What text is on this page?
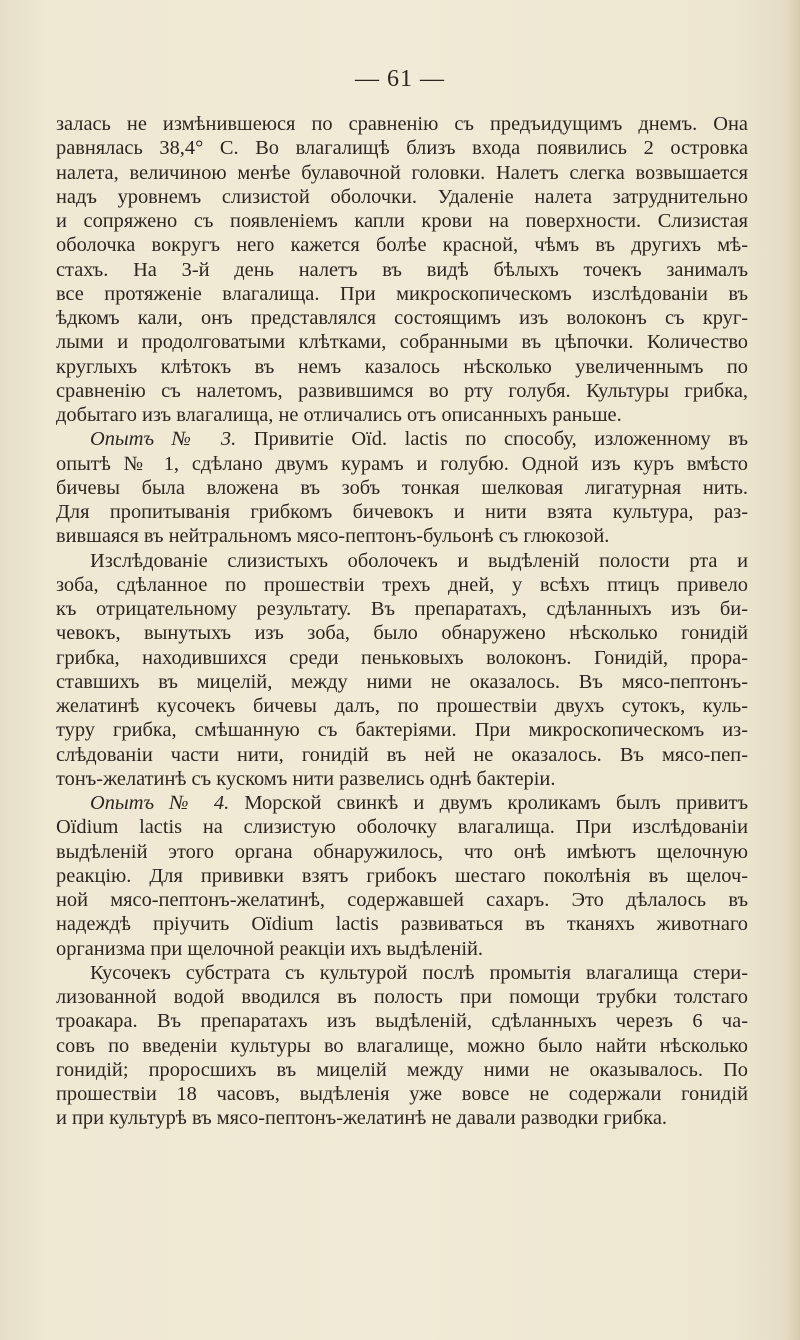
— 61 —
залась не измѣнившеюся по сравненію съ предъидущимъ днемъ. Она
равнялась 38,4° С. Во влагалищѣ близъ входа появились 2 островка
налета, величиною менѣе булавочной головки. Налетъ слегка возвышается
надъ уровнемъ слизистой оболочки. Удаленіе налета затруднительно
и сопряжено съ появленіемъ капли крови на поверхности. Слизистая
оболочка вокругъ него кажется болѣе красной, чѣмъ въ другихъ мѣ-
стахъ. На 3-й день налетъ въ видѣ бѣлыхъ точекъ занималъ
все протяженіе влагалища. При микроскопическомъ изслѣдованіи въ
ѣдкомъ кали, онъ представлялся состоящимъ изъ волоконъ съ круг-
лыми и продолговатыми клѣтками, собранными въ цѣпочки. Количество
круглыхъ клѣтокъ въ немъ казалось нѣсколько увеличеннымъ по
сравненію съ налетомъ, развившимся во рту голубя. Культуры грибка,
добытаго изъ влагалища, не отличались отъ описанныхъ раньше.
Опытъ № 3. Привитіе Oïd. lactis по способу, изложенному въ
опытѣ № 1, сдѣлано двумъ курамъ и голубю. Одной изъ куръ вмѣсто
бичевы была вложена въ зобъ тонкая шелковая лигатурная нить.
Для пропитыванія грибкомъ бичевокъ и нити взята культура, раз-
вившаяся въ нейтральномъ мясо-пептонъ-бульонѣ съ глюкозой.
Изслѣдованіе слизистыхъ оболочекъ и выдѣленій полости рта и
зоба, сдѣланное по прошествіи трехъ дней, у всѣхъ птицъ привело
къ отрицательному результату. Въ препаратахъ, сдѣланныхъ изъ би-
чевокъ, вынутыхъ изъ зоба, было обнаружено нѣсколько гонидій
грибка, находившихся среди пеньковыхъ волоконъ. Гонидій, прора-
ставшихъ въ мицелій, между ними не оказалось. Въ мясо-пептонъ-
желатинѣ кусочекъ бичевы далъ, по прошествіи двухъ сутокъ, куль-
туру грибка, смѣшанную съ бактеріями. При микроскопическомъ из-
слѣдованіи части нити, гонидій въ ней не оказалось. Въ мясо-пеп-
тонъ-желатинѣ съ кускомъ нити развелись однѣ бактеріи.
Опытъ № 4. Морской свинкѣ и двумъ кроликамъ былъ привитъ
Oïdium lactis на слизистую оболочку влагалища. При изслѣдованіи
выдѣленій этого органа обнаружилось, что онѣ имѣютъ щелочную
реакцію. Для прививки взятъ грибокъ шестаго поколѣнія въ щелоч-
ной мясо-пептонъ-желатинѣ, содержавшей сахаръ. Это дѣлалось въ
надеждѣ пріучить Oïdium lactis развиваться въ тканяхъ животнаго
организма при щелочной реакціи ихъ выдѣленій.
Кусочекъ субстрата съ культурой послѣ промытія влагалища стери-
лизованной водой вводился въ полость при помощи трубки толстаго
троакара. Въ препаратахъ изъ выдѣленій, сдѣланныхъ черезъ 6 ча-
совъ по введеніи культуры во влагалище, можно было найти нѣсколько
гонидій; проросшихъ въ мицелій между ними не оказывалось. По
прошествіи 18 часовъ, выдѣленія уже вовсе не содержали гонидій
и при культурѣ въ мясо-пептонъ-желатинѣ не давали разводки грибка.
